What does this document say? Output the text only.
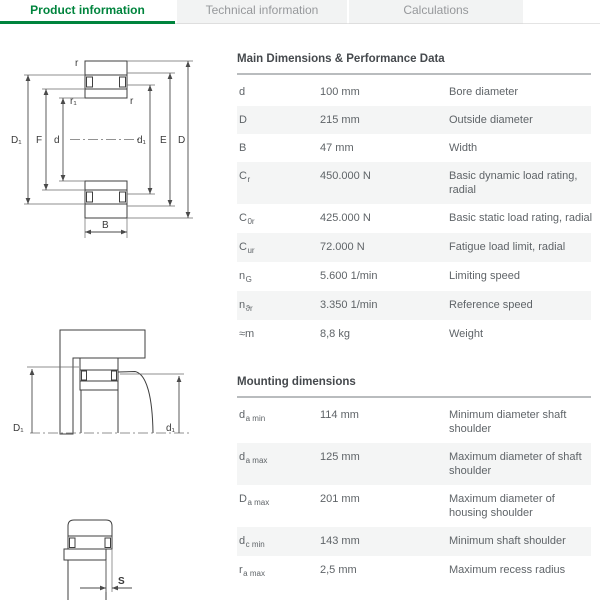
Product information	Technical information	Calculations
r
r₁	r
D₁ F d	d₁ E D
B
D₁	d₁
S
Main Dimensions & Performance Data
d	100 mm	Bore diameter
D	215 mm	Outside diameter
B	47 mm	Width
$C_r$	450.000 N	Basic dynamic load rating, radial
$C_{0r}$	425.000 N	Basic static load rating, radial
$C_{ur}$	72.000 N	Fatigue load limit, radial
$n_G$	5.600 1/min	Limiting speed
$n_{ϑr}$	3.350 1/min	Reference speed
≈m	8,8 kg	Weight
Mounting dimensions
$d_{a min}$	114 mm	Minimum diameter shaft shoulder
$d_{a max}$	125 mm	Maximum diameter of shaft shoulder
$D_{a max}$	201 mm	Maximum diameter of housing shoulder
$d_{c min}$	143 mm	Minimum shaft shoulder
$r_{a max}$	2,5 mm	Maximum recess radius
